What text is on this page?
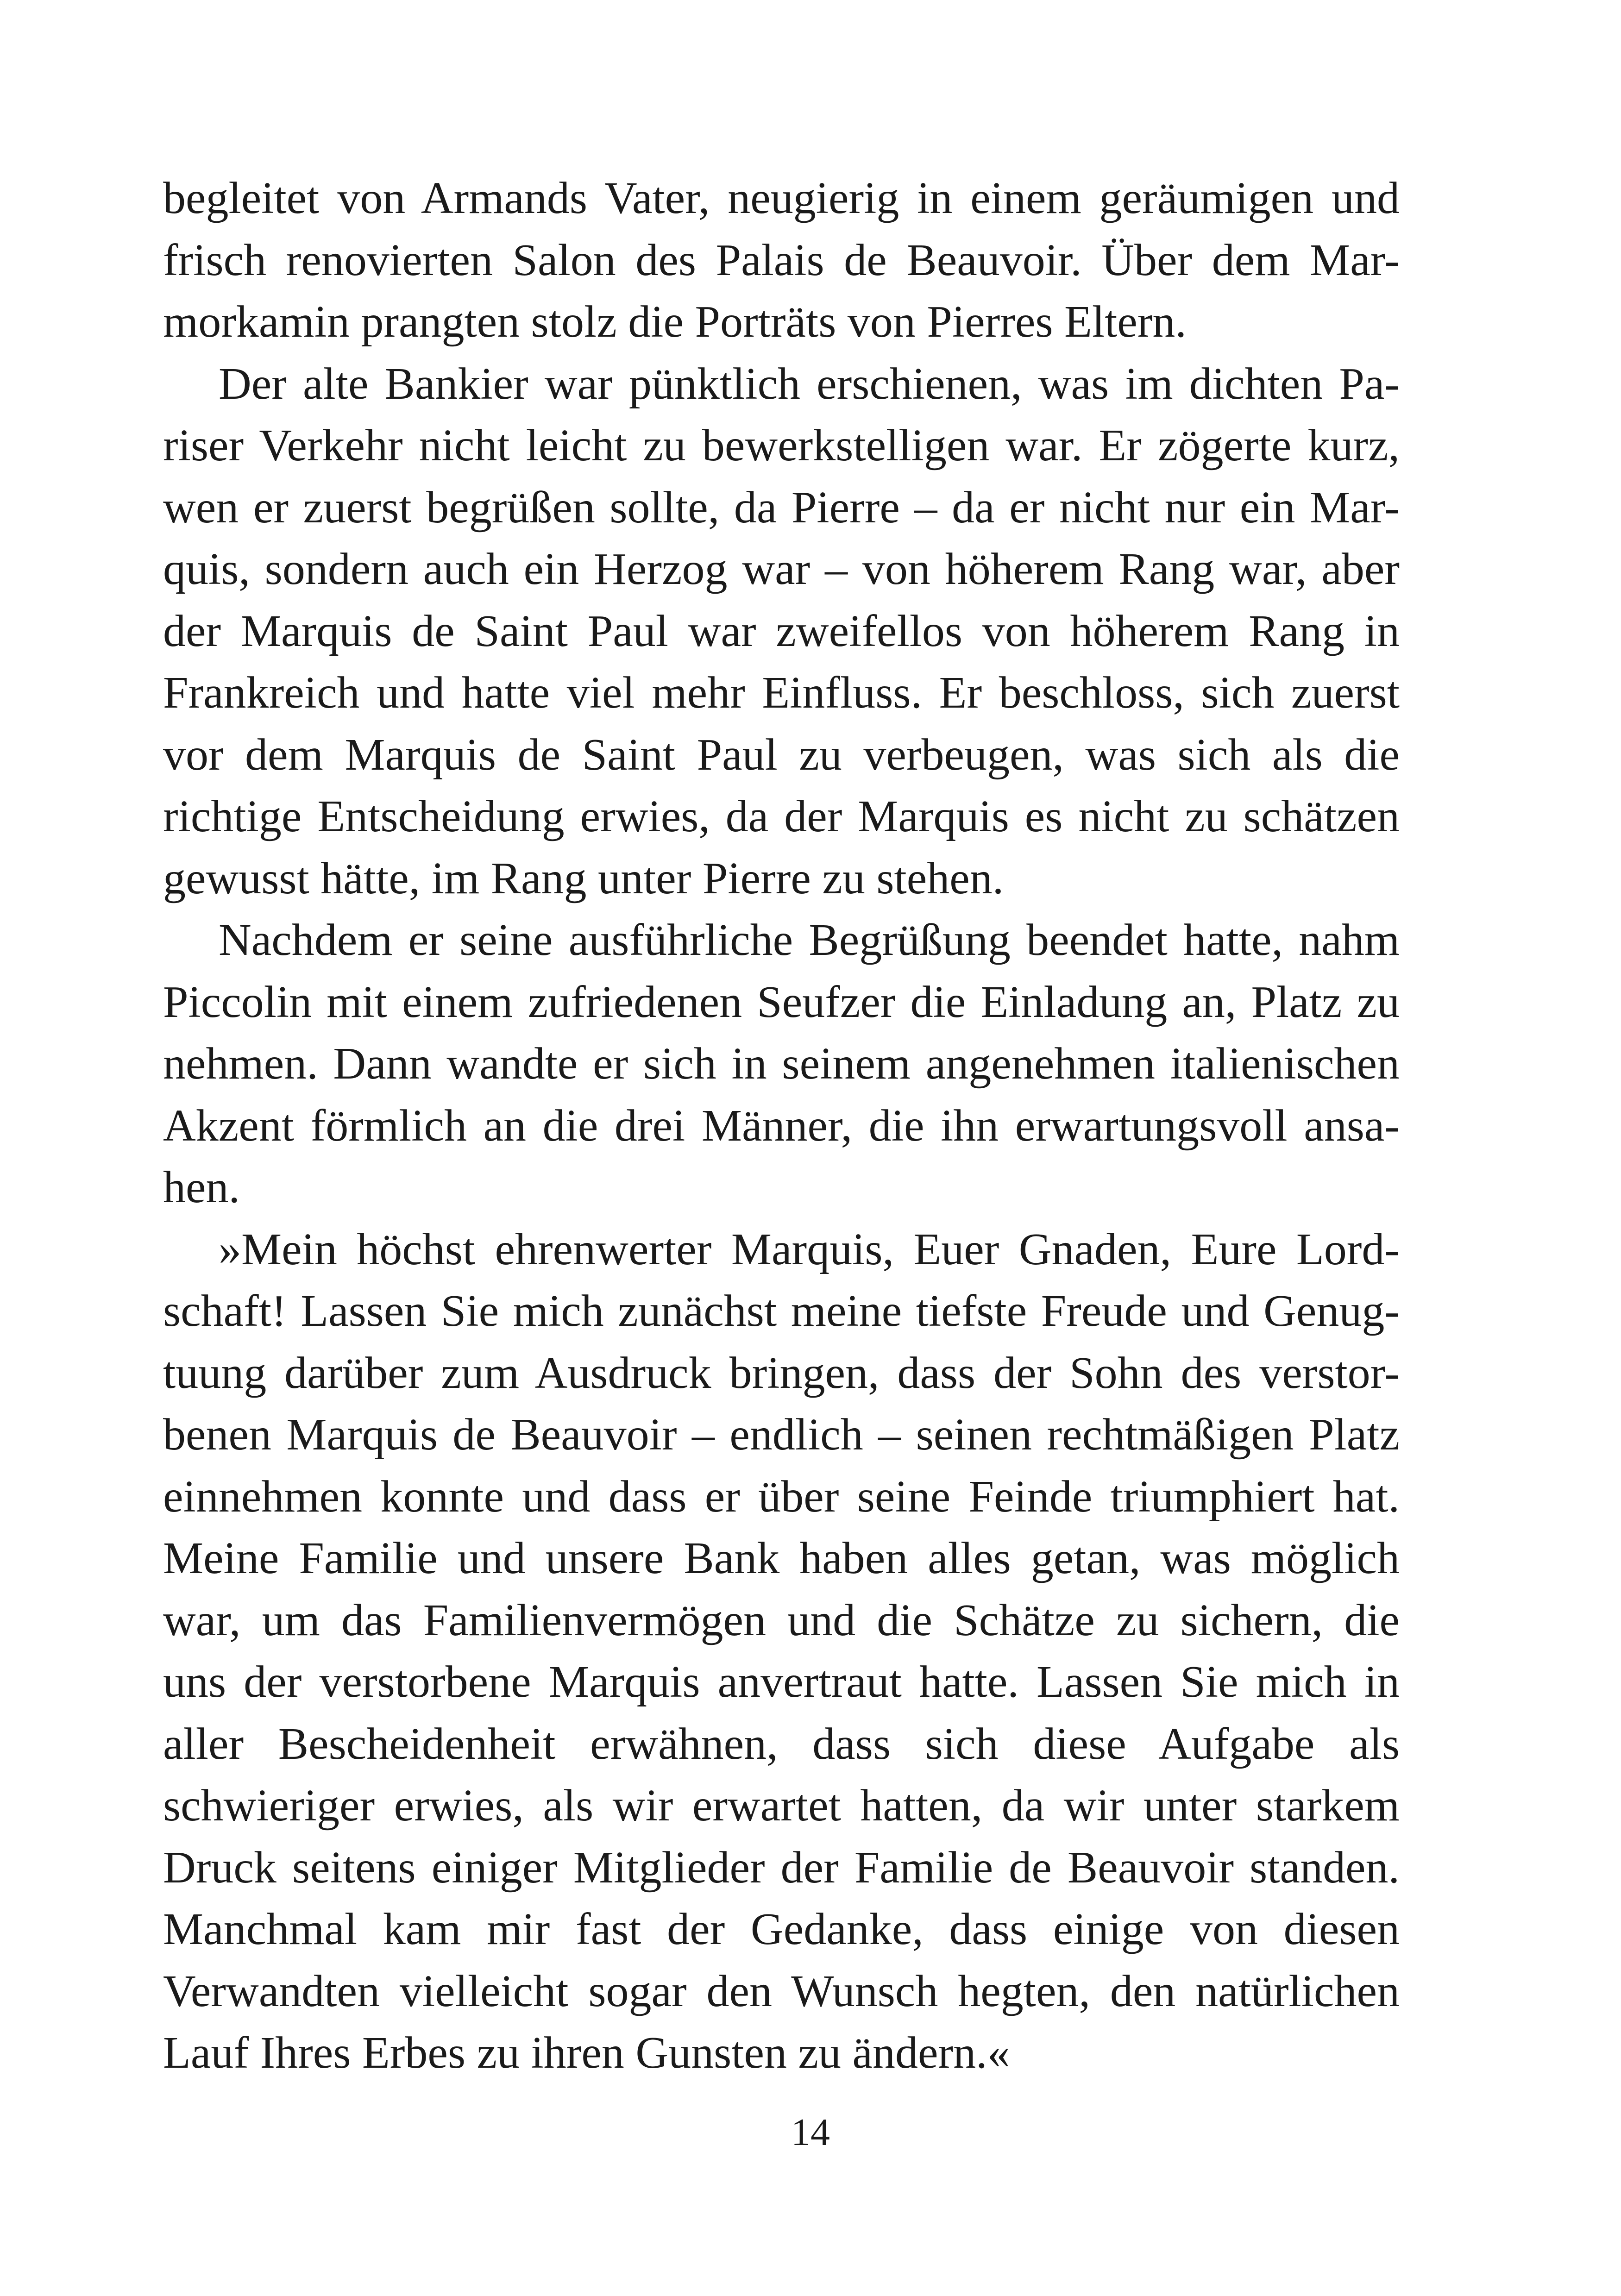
begleitet von Armands Vater, neugierig in einem geräumigen und
frisch renovierten Salon des Palais de Beauvoir. Über dem Mar-
morkamin prangten stolz die Porträts von Pierres Eltern.
Der alte Bankier war pünktlich erschienen, was im dichten Pa-
riser Verkehr nicht leicht zu bewerkstelligen war. Er zögerte kurz,
wen er zuerst begrüßen sollte, da Pierre – da er nicht nur ein Mar-
quis, sondern auch ein Herzog war – von höherem Rang war, aber
der Marquis de Saint Paul war zweifellos von höherem Rang in
Frankreich und hatte viel mehr Einfluss. Er beschloss, sich zuerst
vor dem Marquis de Saint Paul zu verbeugen, was sich als die
richtige Entscheidung erwies, da der Marquis es nicht zu schätzen
gewusst hätte, im Rang unter Pierre zu stehen.
Nachdem er seine ausführliche Begrüßung beendet hatte, nahm
Piccolin mit einem zufriedenen Seufzer die Einladung an, Platz zu
nehmen. Dann wandte er sich in seinem angenehmen italienischen
Akzent förmlich an die drei Männer, die ihn erwartungsvoll ansa-
hen.
»Mein höchst ehrenwerter Marquis, Euer Gnaden, Eure Lord-
schaft! Lassen Sie mich zunächst meine tiefste Freude und Genug-
tuung darüber zum Ausdruck bringen, dass der Sohn des verstor-
benen Marquis de Beauvoir – endlich – seinen rechtmäßigen Platz
einnehmen konnte und dass er über seine Feinde triumphiert hat.
Meine Familie und unsere Bank haben alles getan, was möglich
war, um das Familienvermögen und die Schätze zu sichern, die
uns der verstorbene Marquis anvertraut hatte. Lassen Sie mich in
aller Bescheidenheit erwähnen, dass sich diese Aufgabe als
schwieriger erwies, als wir erwartet hatten, da wir unter starkem
Druck seitens einiger Mitglieder der Familie de Beauvoir standen.
Manchmal kam mir fast der Gedanke, dass einige von diesen
Verwandten vielleicht sogar den Wunsch hegten, den natürlichen
Lauf Ihres Erbes zu ihren Gunsten zu ändern.«
14
